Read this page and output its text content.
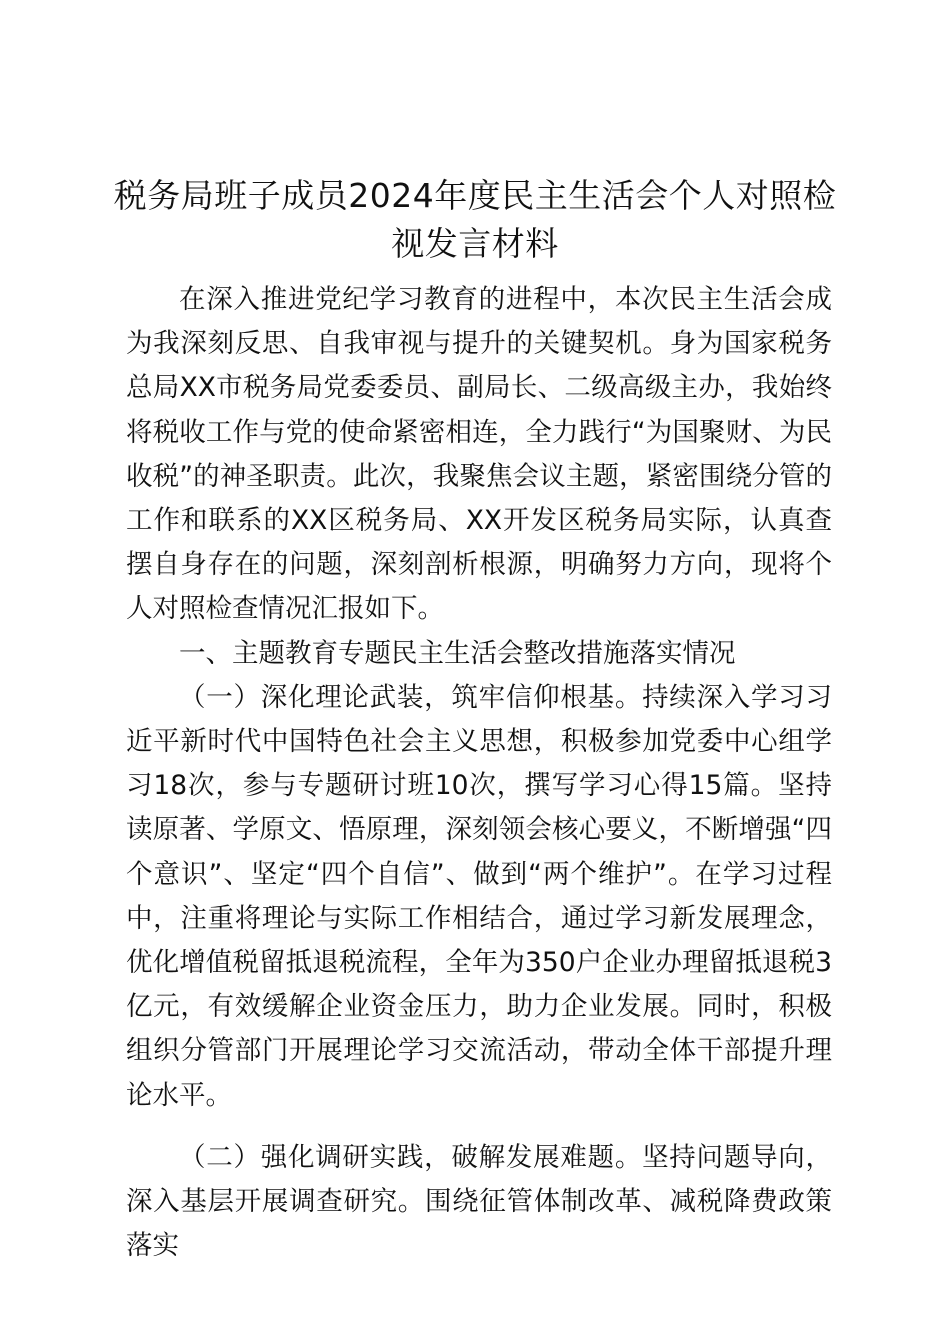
税务局班子成员2024年度民主生活会个人对照检视发言材料

在深入推进党纪学习教育的进程中，本次民主生活会成为我深刻反思、自我审视与提升的关键契机。身为国家税务总局XX市税务局党委委员、副局长、二级高级主办，我始终将税收工作与党的使命紧密相连，全力践行“为国聚财、为民收税”的神圣职责。此次，我聚焦会议主题，紧密围绕分管的工作和联系的XX区税务局、XX开发区税务局实际，认真查摆自身存在的问题，深刻剖析根源，明确努力方向，现将个人对照检查情况汇报如下。

一、主题教育专题民主生活会整改措施落实情况

（一）深化理论武装，筑牢信仰根基。持续深入学习习近平新时代中国特色社会主义思想，积极参加党委中心组学习18次，参与专题研讨班10次，撰写学习心得15篇。坚持读原著、学原文、悟原理，深刻领会核心要义，不断增强“四个意识”、坚定“四个自信”、做到“两个维护”。在学习过程中，注重将理论与实际工作相结合，通过学习新发展理念，优化增值税留抵退税流程，全年为350户企业办理留抵退税3亿元，有效缓解企业资金压力，助力企业发展。同时，积极组织分管部门开展理论学习交流活动，带动全体干部提升理论水平。

（二）强化调研实践，破解发展难题。坚持问题导向，深入基层开展调查研究。围绕征管体制改革、减税降费政策落实
